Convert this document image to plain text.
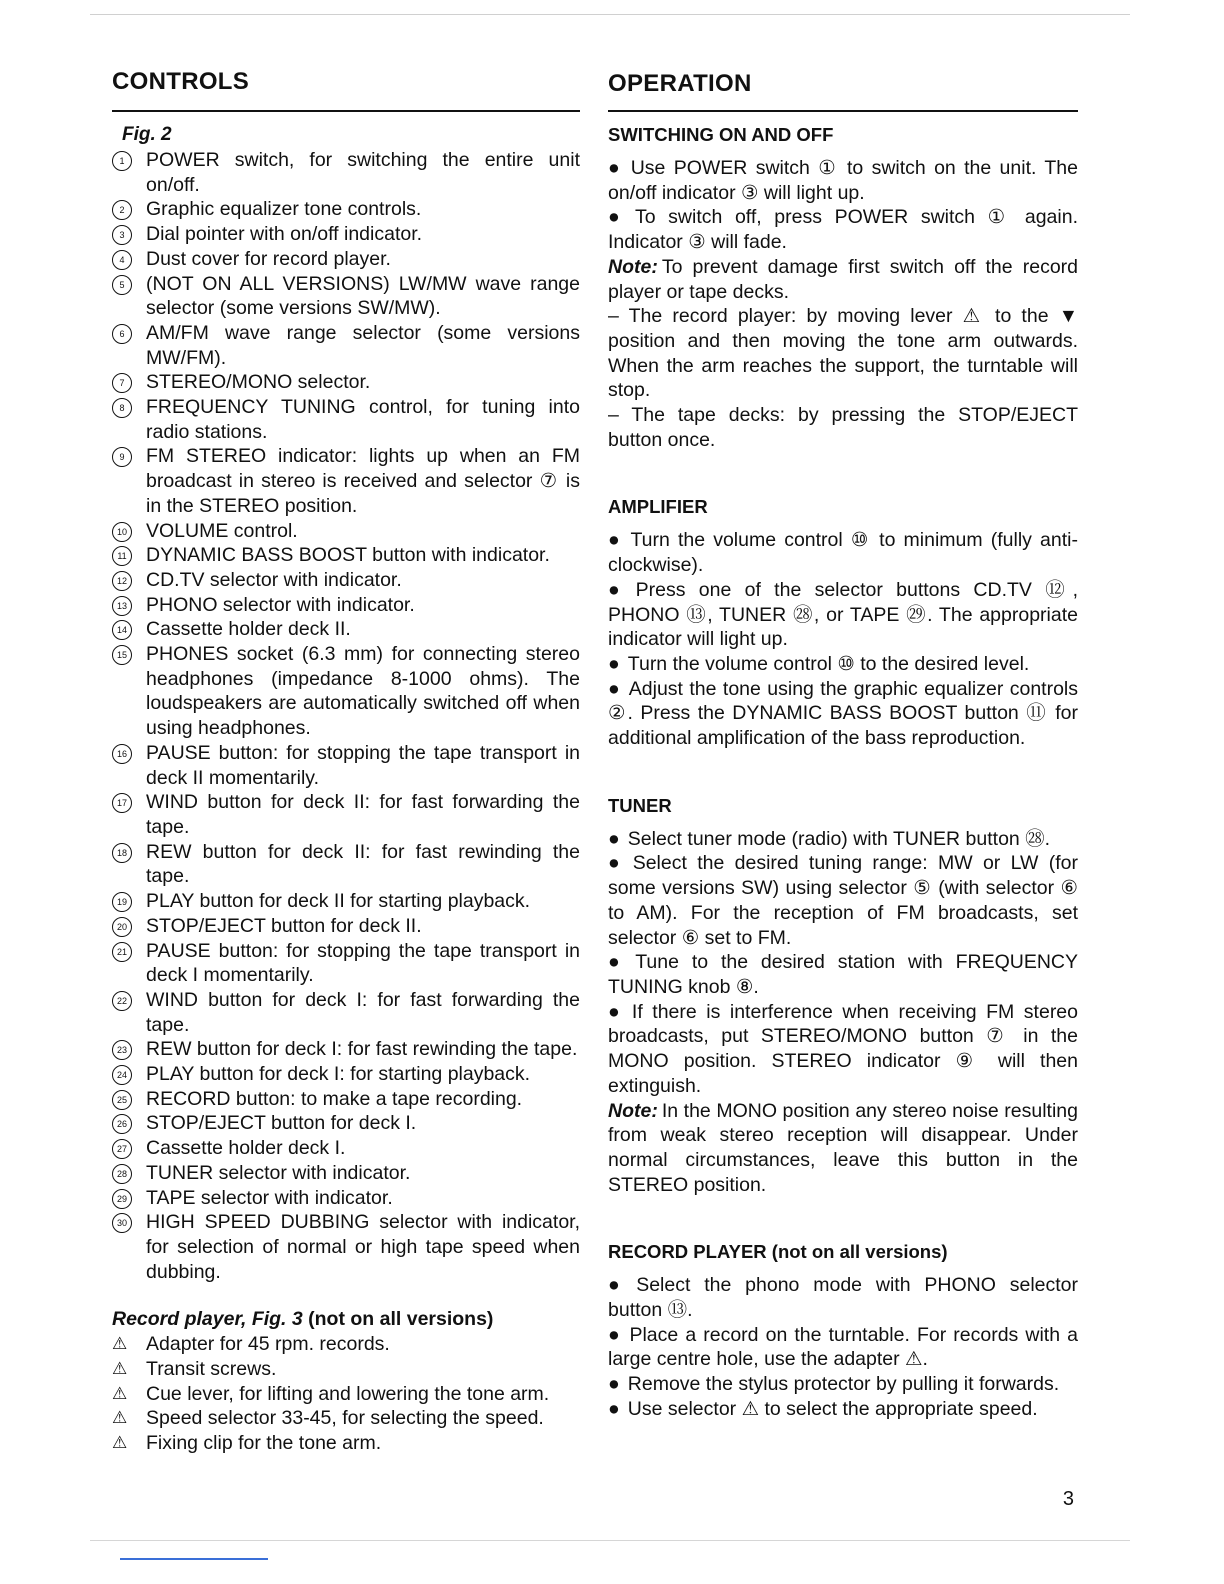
CONTROLS
Fig. 2
1	POWER switch, for switching the entire unit on/off.
2	Graphic equalizer tone controls.
3	Dial pointer with on/off indicator.
4	Dust cover for record player.
5	(NOT ON ALL VERSIONS) LW/MW wave range selector (some versions SW/MW).
6	AM/FM wave range selector (some versions MW/FM).
7	STEREO/MONO selector.
8	FREQUENCY TUNING control, for tuning into radio stations.
9	FM STEREO indicator: lights up when an FM broadcast in stereo is received and selector ⑦ is in the STEREO position.
10 VOLUME control.
11 DYNAMIC BASS BOOST button with indicator.
12 CD.TV selector with indicator.
13 PHONO selector with indicator.
14 Cassette holder deck II.
15 PHONES socket (6.3 mm) for connecting stereo headphones (impedance 8-1000 ohms). The loudspeakers are automatically switched off when using headphones.
16 PAUSE button: for stopping the tape transport in deck II momentarily.
17 WIND button for deck II: for fast forwarding the tape.
18 REW button for deck II: for fast rewinding the tape.
19 PLAY button for deck II for starting playback.
20 STOP/EJECT button for deck II.
21 PAUSE button: for stopping the tape transport in deck I momentarily.
22 WIND button for deck I: for fast forwarding the tape.
23 REW button for deck I: for fast rewinding the tape.
24 PLAY button for deck I: for starting playback.
25 RECORD button: to make a tape recording.
26 STOP/EJECT button for deck I.
27 Cassette holder deck I.
28 TUNER selector with indicator.
29 TAPE selector with indicator.
30 HIGH SPEED DUBBING selector with indicator, for selection of normal or high tape speed when dubbing.
Record player, Fig. 3 (not on all versions)
⚠ Adapter for 45 rpm. records.
⚠ Transit screws.
⚠ Cue lever, for lifting and lowering the tone arm.
⚠ Speed selector 33-45, for selecting the speed.
⚠ Fixing clip for the tone arm.
OPERATION
SWITCHING ON AND OFF
● Use POWER switch ① to switch on the unit. The on/off indicator ③ will light up.
● To switch off, press POWER switch ① again. Indicator ③ will fade.
Note: To prevent damage first switch off the record player or tape decks.
– The record player: by moving lever ⚠ to the ▼ position and then moving the tone arm outwards. When the arm reaches the support, the turntable will stop.
– The tape decks: by pressing the STOP/EJECT button once.
AMPLIFIER
● Turn the volume control ⑩ to minimum (fully anti-clockwise).
● Press one of the selector buttons CD.TV ⑫, PHONO ⑬, TUNER ㉘, or TAPE ㉙. The appropriate indicator will light up.
● Turn the volume control ⑩ to the desired level.
● Adjust the tone using the graphic equalizer controls ②. Press the DYNAMIC BASS BOOST button ⑪ for additional amplification of the bass reproduction.
TUNER
● Select tuner mode (radio) with TUNER button ㉘.
● Select the desired tuning range: MW or LW (for some versions SW) using selector ⑤ (with selector ⑥ to AM). For the reception of FM broadcasts, set selector ⑥ set to FM.
● Tune to the desired station with FREQUENCY TUNING knob ⑧.
● If there is interference when receiving FM stereo broadcasts, put STEREO/MONO button ⑦ in the MONO position. STEREO indicator ⑨ will then extinguish.
Note: In the MONO position any stereo noise resulting from weak stereo reception will disappear. Under normal circumstances, leave this button in the STEREO position.
RECORD PLAYER (not on all versions)
● Select the phono mode with PHONO selector button ⑬.
● Place a record on the turntable. For records with a large centre hole, use the adapter ⚠.
● Remove the stylus protector by pulling it forwards.
● Use selector ⚠ to select the appropriate speed.
3
